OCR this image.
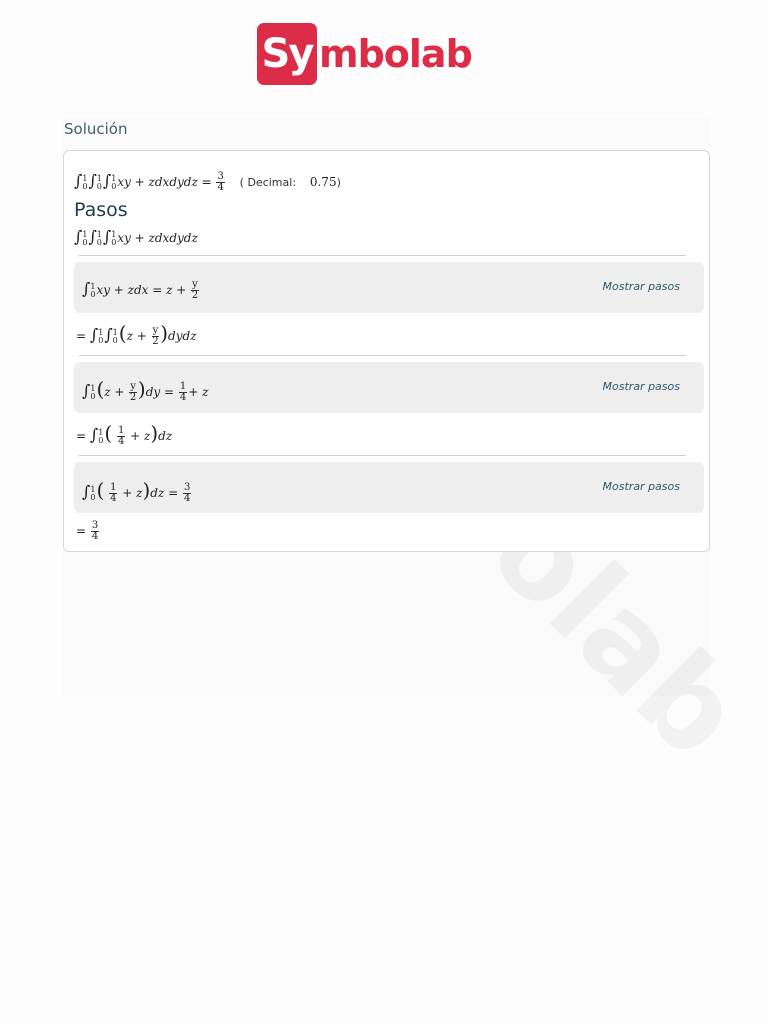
Sy mbolab
Solución
∫ 1
0 ∫ 1
0 ∫ 1
0 xy + zdxdydz = $\frac{3}{4}$ ( Decimal: 0.75)
Pasos
∫ 1
0 ∫ 1
0 ∫ 1
0 xy + zdxdydz
∫ 1
0 xy + zdx = $z + \frac{y}{2}$	Mostrar pasos
= ∫ 1
0 ∫ 1
0 ($z + \frac{y}{2}$ )dydz
∫ 1
0 $(z + \frac{y}{2} )dy = \frac{1}{4} + z$	Mostrar pasos
= ∫ 1
0 ( $\frac{1}{4} + z)dz$
∫ 1
0 ( $\frac{1}{4} + z)dz = \frac{3}{4}$	Mostrar pasos
= $\frac{3}{4}$
